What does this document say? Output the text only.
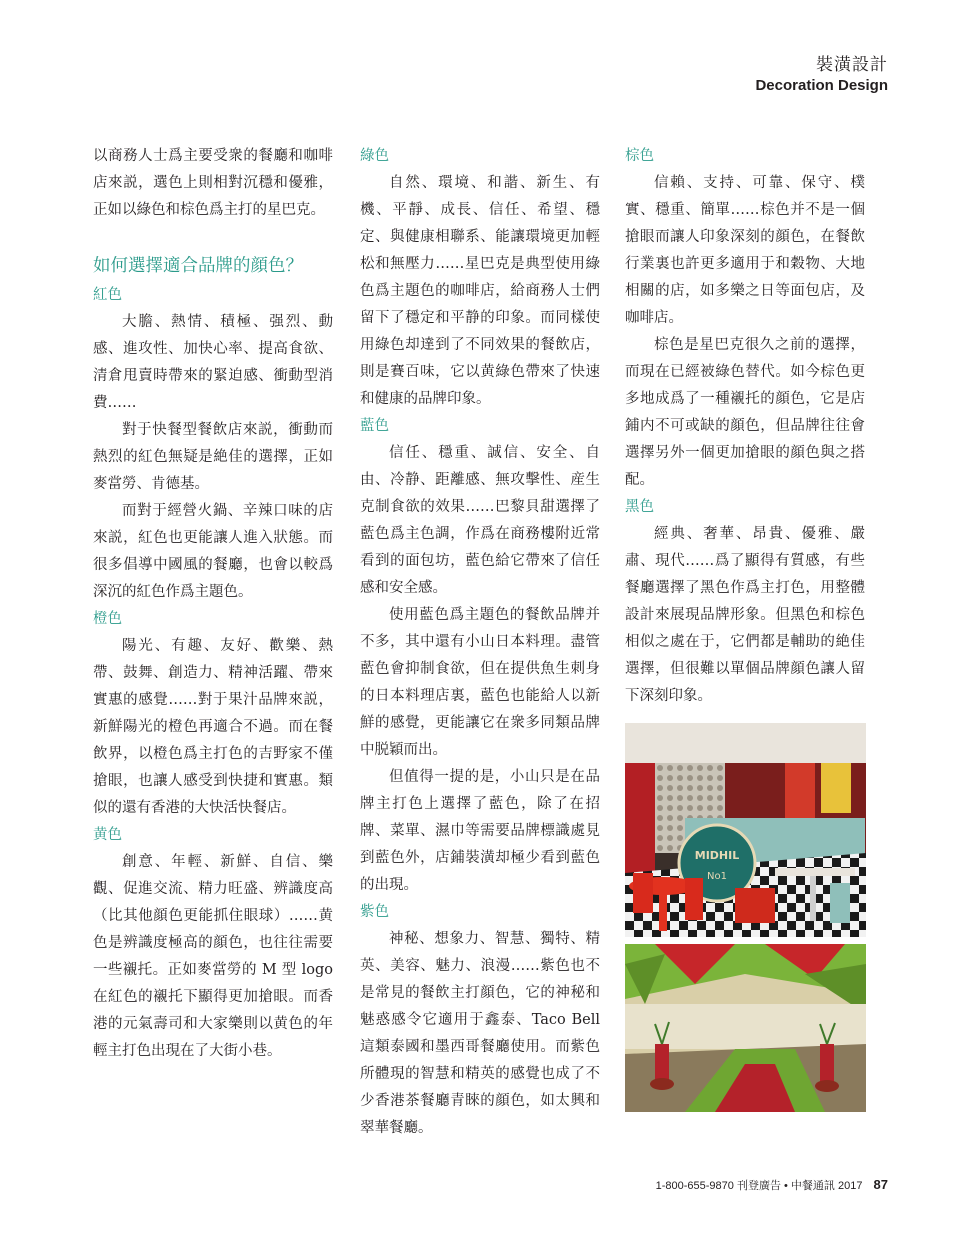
裝潢設計
Decoration Design

以商務人士爲主要受衆的餐廳和咖啡店來説，選色上則相對沉穩和優雅，正如以綠色和棕色爲主打的星巴克。

如何選擇適合品牌的顔色？
紅色

大膽、熱情、積極、强烈、動感、進攻性、加快心率、提高食欲、清倉甩賣時帶來的緊迫感、衝動型消費……

對于快餐型餐飲店來説，衝動而熱烈的紅色無疑是絶佳的選擇，正如麥當勞、肯德基。

而對于經營火鍋、辛辣口味的店來説，紅色也更能讓人進入狀態。而很多倡導中國風的餐廳，也會以較爲深沉的紅色作爲主題色。

橙色

陽光、有趣、友好、歡樂、熱帶、鼓舞、創造力、精神活躍、帶來實惠的感覺……對于果汁品牌來説，新鮮陽光的橙色再適合不過。而在餐飲界，以橙色爲主打色的吉野家不僅搶眼，也讓人感受到快捷和實惠。類似的還有香港的大快活快餐店。

黄色

創意、年輕、新鮮、自信、樂觀、促進交流、精力旺盛、辨識度高（比其他顔色更能抓住眼球）……黄色是辨識度極高的顔色，也往往需要一些襯托。正如麥當勞的 M 型 logo 在紅色的襯托下顯得更加搶眼。而香港的元氣壽司和大家樂則以黄色的年輕主打色出現在了大街小巷。

綠色

自然、環境、和諧、新生、有機、平靜、成長、信任、希望、穩定、與健康相聯系、能讓環境更加輕松和無壓力……星巴克是典型使用綠色爲主題色的咖啡店，給商務人士們留下了穩定和平静的印象。而同樣使用綠色却達到了不同效果的餐飲店，則是賽百味，它以黄綠色帶來了快速和健康的品牌印象。

藍色

信任、穩重、誠信、安全、自由、冷静、距離感、無攻擊性、産生克制食欲的效果……巴黎貝甜選擇了藍色爲主色調，作爲在商務樓附近常看到的面包坊，藍色給它帶來了信任感和安全感。

使用藍色爲主題色的餐飲品牌并不多，其中還有小山日本料理。盡管藍色會抑制食欲，但在提供魚生刺身的日本料理店裏，藍色也能給人以新鮮的感覺，更能讓它在衆多同類品牌中脱穎而出。

但值得一提的是，小山只是在品牌主打色上選擇了藍色，除了在招牌、菜單、濕巾等需要品牌標識處見到藍色外，店鋪裝潢却極少看到藍色的出現。

紫色

神秘、想象力、智慧、獨特、精英、美容、魅力、浪漫……紫色也不是常見的餐飲主打顔色，它的神秘和魅惑感令它適用于鑫泰、Taco Bell 這類泰國和墨西哥餐廳使用。而紫色所體現的智慧和精英的感覺也成了不少香港茶餐廳青睞的顔色，如太興和翠華餐廳。

棕色

信賴、支持、可靠、保守、樸實、穩重、簡單……棕色并不是一個搶眼而讓人印象深刻的顔色，在餐飲行業裏也許更多適用于和穀物、大地相關的店，如多樂之日等面包店，及咖啡店。

棕色是星巴克很久之前的選擇，而現在已經被綠色替代。如今棕色更多地成爲了一種襯托的顔色，它是店鋪内不可或缺的顔色，但品牌往往會選擇另外一個更加搶眼的顔色與之搭配。

黑色

經典、奢華、昂貴、優雅、嚴肅、現代……爲了顯得有質感，有些餐廳選擇了黑色作爲主打色，用整體設計來展現品牌形象。但黑色和棕色相似之處在于，它們都是輔助的絶佳選擇，但很難以單個品牌顔色讓人留下深刻印象。

MIDHIL
No1
1-800-655-9870 刊登廣告 • 中餐通訊 2017 87
